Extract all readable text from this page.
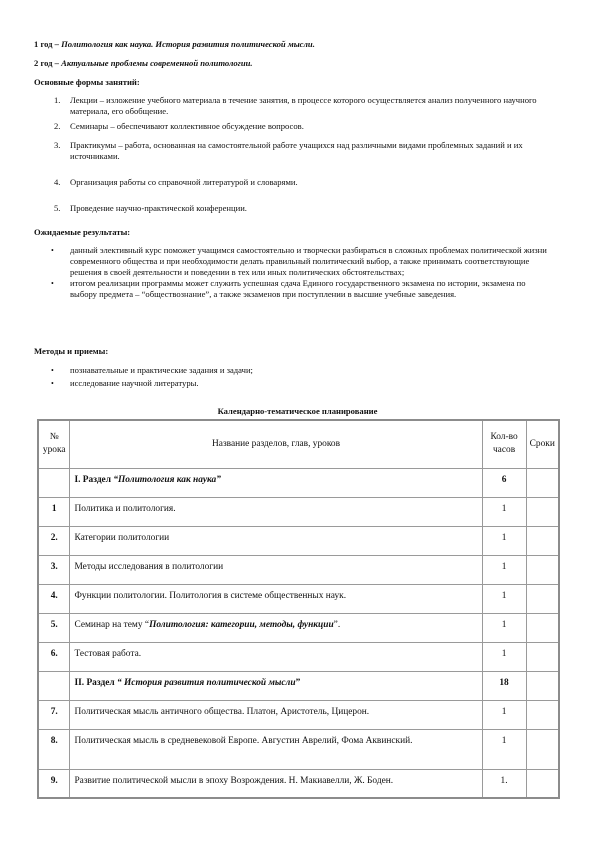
1 год – Политология как наука. История развития политической мысли.
2 год – Актуальные проблемы современной политологии.
Основные формы занятий:
1. Лекции – изложение учебного материала в течение занятия, в процессе которого осуществляется анализ полученного научного материала, его обобщение.
2. Семинары – обеспечивают коллективное обсуждение вопросов.
3. Практикумы – работа, основанная на самостоятельной работе учащихся над различными видами проблемных заданий и их источниками.
4. Организация работы со справочной литературой и словарями.
5. Проведение научно-практической конференции.
Ожидаемые результаты:
• данный элективный курс поможет учащимся самостоятельно и творчески разбираться в сложных проблемах политической жизни современного общества и при необходимости делать правильный политический выбор, а также принимать соответствующие решения в своей деятельности и поведении в тех или иных политических обстоятельствах;
• итогом реализации программы может служить успешная сдача Единого государственного экзамена по истории, экзамена по выбору предмета – “обществознание”, а также экзаменов при поступлении в высшие учебные заведения.
Методы и приемы:
• познавательные и практические задания и задачи;
• исследование научной литературы.
Календарно-тематическое планирование
№ урока	Название разделов, глав, уроков	Кол-во часов	Сроки
	I. Раздел “Политология как наука”	6	
1	Политика и политология.	1	
2.	Категории политологии	1	
3.	Методы исследования в политологии	1	
4.	Функции политологии. Политология в системе общественных наук.	1	
5.	Семинар на тему “Политология: категории, методы, функции”.	1	
6.	Тестовая работа.	1	
	II. Раздел “ История развития политической мысли”	18	
7.	Политическая мысль античного общества. Платон, Аристотель, Цицерон.	1	
8.	Политическая мысль в средневековой Европе. Августин Аврелий, Фома Аквинский.	1	
9.	Развитие политической мысли в эпоху Возрождения. Н. Макиавелли, Ж. Боден.	1.	
